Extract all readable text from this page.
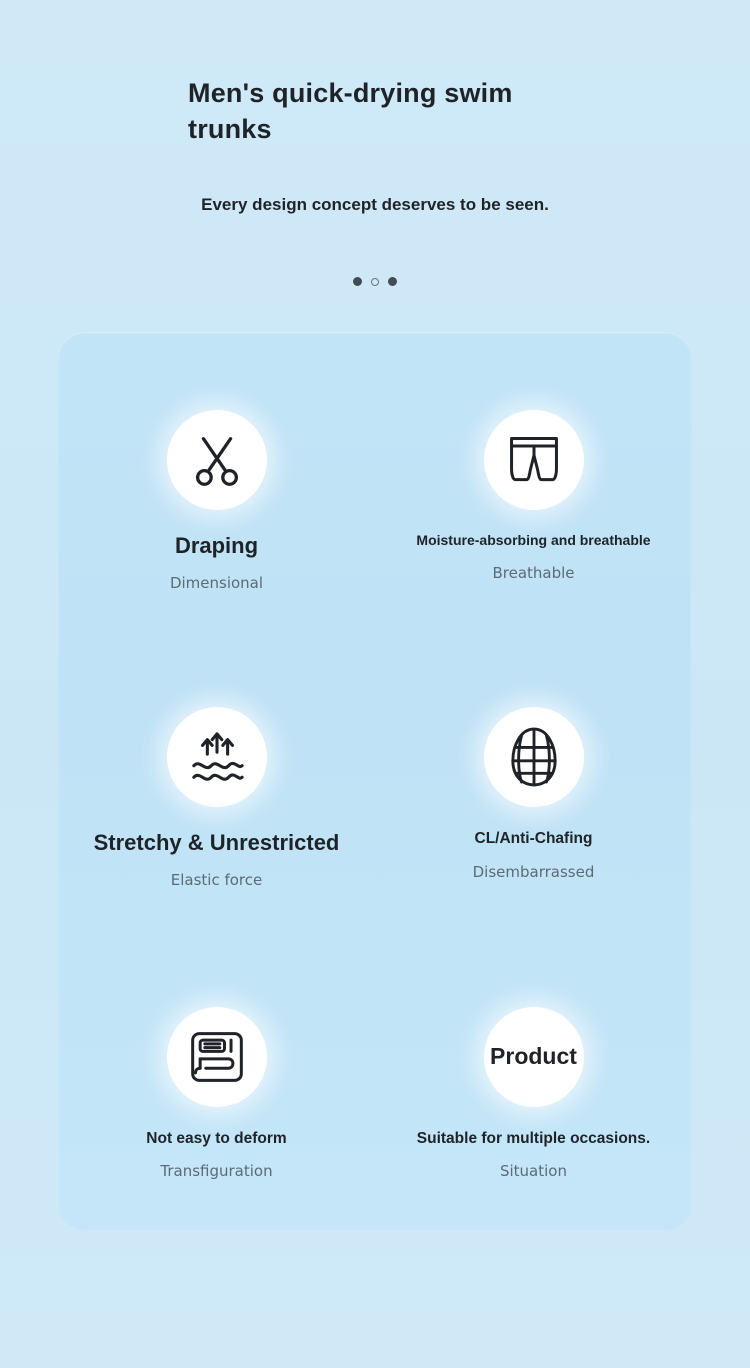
Men's quick-drying swim trunks
Every design concept deserves to be seen.
Draping
Dimensional
Moisture-absorbing and breathable
Breathable
Stretchy & Unrestricted
Elastic force
CL/Anti-Chafing
Disembarrassed
Not easy to deform
Transfiguration
Product
Suitable for multiple occasions.
Situation
